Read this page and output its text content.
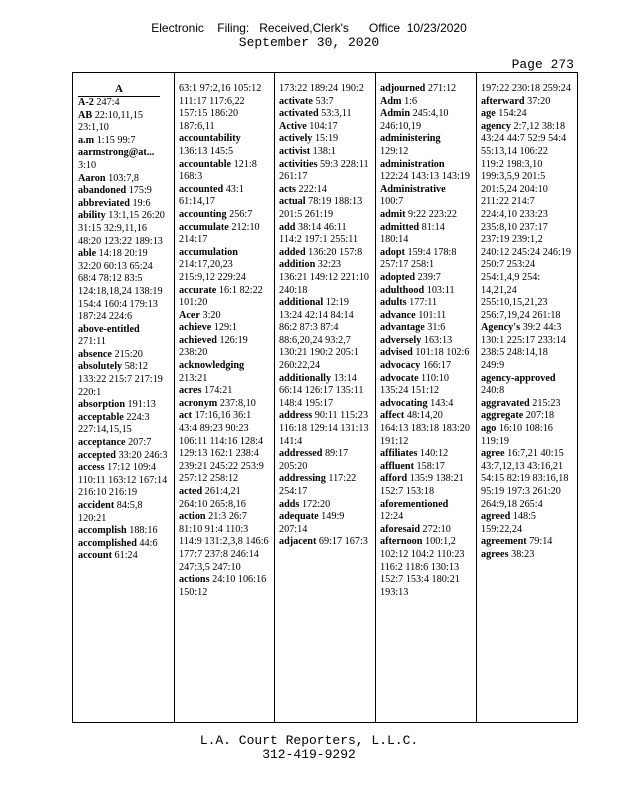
Electronic    Filing:   Received,Clerk's      Office  10/23/2020
September 30, 2020
Page 273
A
A-2 247:4
AB 22:10,11,15 23:1,10
a.m 1:15 99:7
aarmstrong@at... 3:10
Aaron 103:7,8
abandoned 175:9
abbreviated 19:6
ability 13:1,15 26:20 31:15 32:9,11,16 48:20 123:22 189:13
able 14:18 20:19 32:20 60:13 65:24 68:4 78:12 83:5 124:18,18,24 138:19 154:4 160:4 179:13 187:24 224:6
above-entitled 271:11
absence 215:20
absolutely 58:12 133:22 215:7 217:19 220:1
absorption 191:13
acceptable 224:3 227:14,15,15
acceptance 207:7
accepted 33:20 246:3
access 17:12 109:4 110:11 163:12 167:14 216:10 216:19
accident 84:5,8 120:21
accomplish 188:16
accomplished 44:6
account 61:24
63:1 97:2,16 105:12 111:17 117:6,22 157:15 186:20 187:6,11
accountability 136:13 145:5
accountable 121:8 168:3
accounted 43:1 61:14,17
accounting 256:7
accumulate 212:10 214:17
accumulation 214:17,20,23 215:9,12 229:24
accurate 16:1 82:22 101:20
Acer 3:20
achieve 129:1
achieved 126:19 238:20
acknowledging 213:21
acres 174:21
acronym 237:8,10
act 17:16,16 36:1 43:4 89:23 90:23 106:11 114:16 128:4 129:13 162:1 238:4 239:21 245:22 253:9 257:12 258:12
acted 261:4,21 264:10 265:8,16
action 21:3 26:7 81:10 91:4 110:3 114:9 131:2,3,8 146:6 177:7 237:8 246:14 247:3,5 247:10
actions 24:10 106:16 150:12
173:22 189:24 190:2
activate 53:7
activated 53:3,11
Active 104:17
actively 15:19
activist 138:1
activities 59:3 228:11 261:17
acts 222:14
actual 78:19 188:13 201:5 261:19
add 38:14 46:11 114:2 197:1 255:11
added 136:20 157:8
addition 32:23 136:21 149:12 221:10 240:18
additional 12:19 13:24 42:14 84:14 86:2 87:3 87:4 88:6,20,24 93:2,7 130:21 190:2 205:1 260:22,24
additionally 13:14 66:14 126:17 135:11 148:4 195:17
address 90:11 115:23 116:18 129:14 131:13 141:4
addressed 89:17 205:20
addressing 117:22 254:17
adds 172:20
adequate 149:9 207:14
adjacent 69:17 167:3
adjourned 271:12
Adm 1:6
Admin 245:4,10 246:10,19
administering 129:12
administration 122:24 143:13 143:19
Administrative 100:7
admit 9:22 223:22
admitted 81:14 180:14
adopt 159:4 178:8 257:17 258:1
adopted 239:7
adulthood 103:11
adults 177:11
advance 101:11
advantage 31:6
adversely 163:13
advised 101:18 102:6
advocacy 166:17
advocate 110:10 135:24 151:12
advocating 143:4
affect 48:14,20 164:13 183:18 183:20 191:12
affiliates 140:12
affluent 158:17
afford 135:9 138:21 152:7 153:18
aforementioned 12:24
aforesaid 272:10
afternoon 100:1,2 102:12 104:2 110:23 116:2 118:6 130:13 152:7 153:4 180:21 193:13
197:22 230:18 259:24
afterward 37:20
age 154:24
agency 2:7,12 38:18 43:24 44:7 52:9 54:4 55:13,14 106:22 119:2 198:3,10 199:3,5,9 201:5 201:5,24 204:10 211:22 214:7 224:4,10 233:23 235:8,10 237:17 237:19 239:1,2 240:12 245:24 246:19 250:7 253:24 254:1,4,9 254: 14,21,24 255:10,15,21,23 256:7,19,24 261:18
Agency's 39:2 44:3 130:1 225:17 233:14 238:5 248:14,18 249:9
agency-approved 240:8
aggravated 215:23
aggregate 207:18
ago 16:10 108:16 119:19
agree 16:7,21 40:15 43:7,12,13 43:16,21 54:15 82:19 83:16,18 95:19 197:3 261:20 264:9,18 265:4
agreed 148:5 159:22,24
agreement 79:14
agrees 38:23
L.A. Court Reporters, L.L.C.
312-419-9292
